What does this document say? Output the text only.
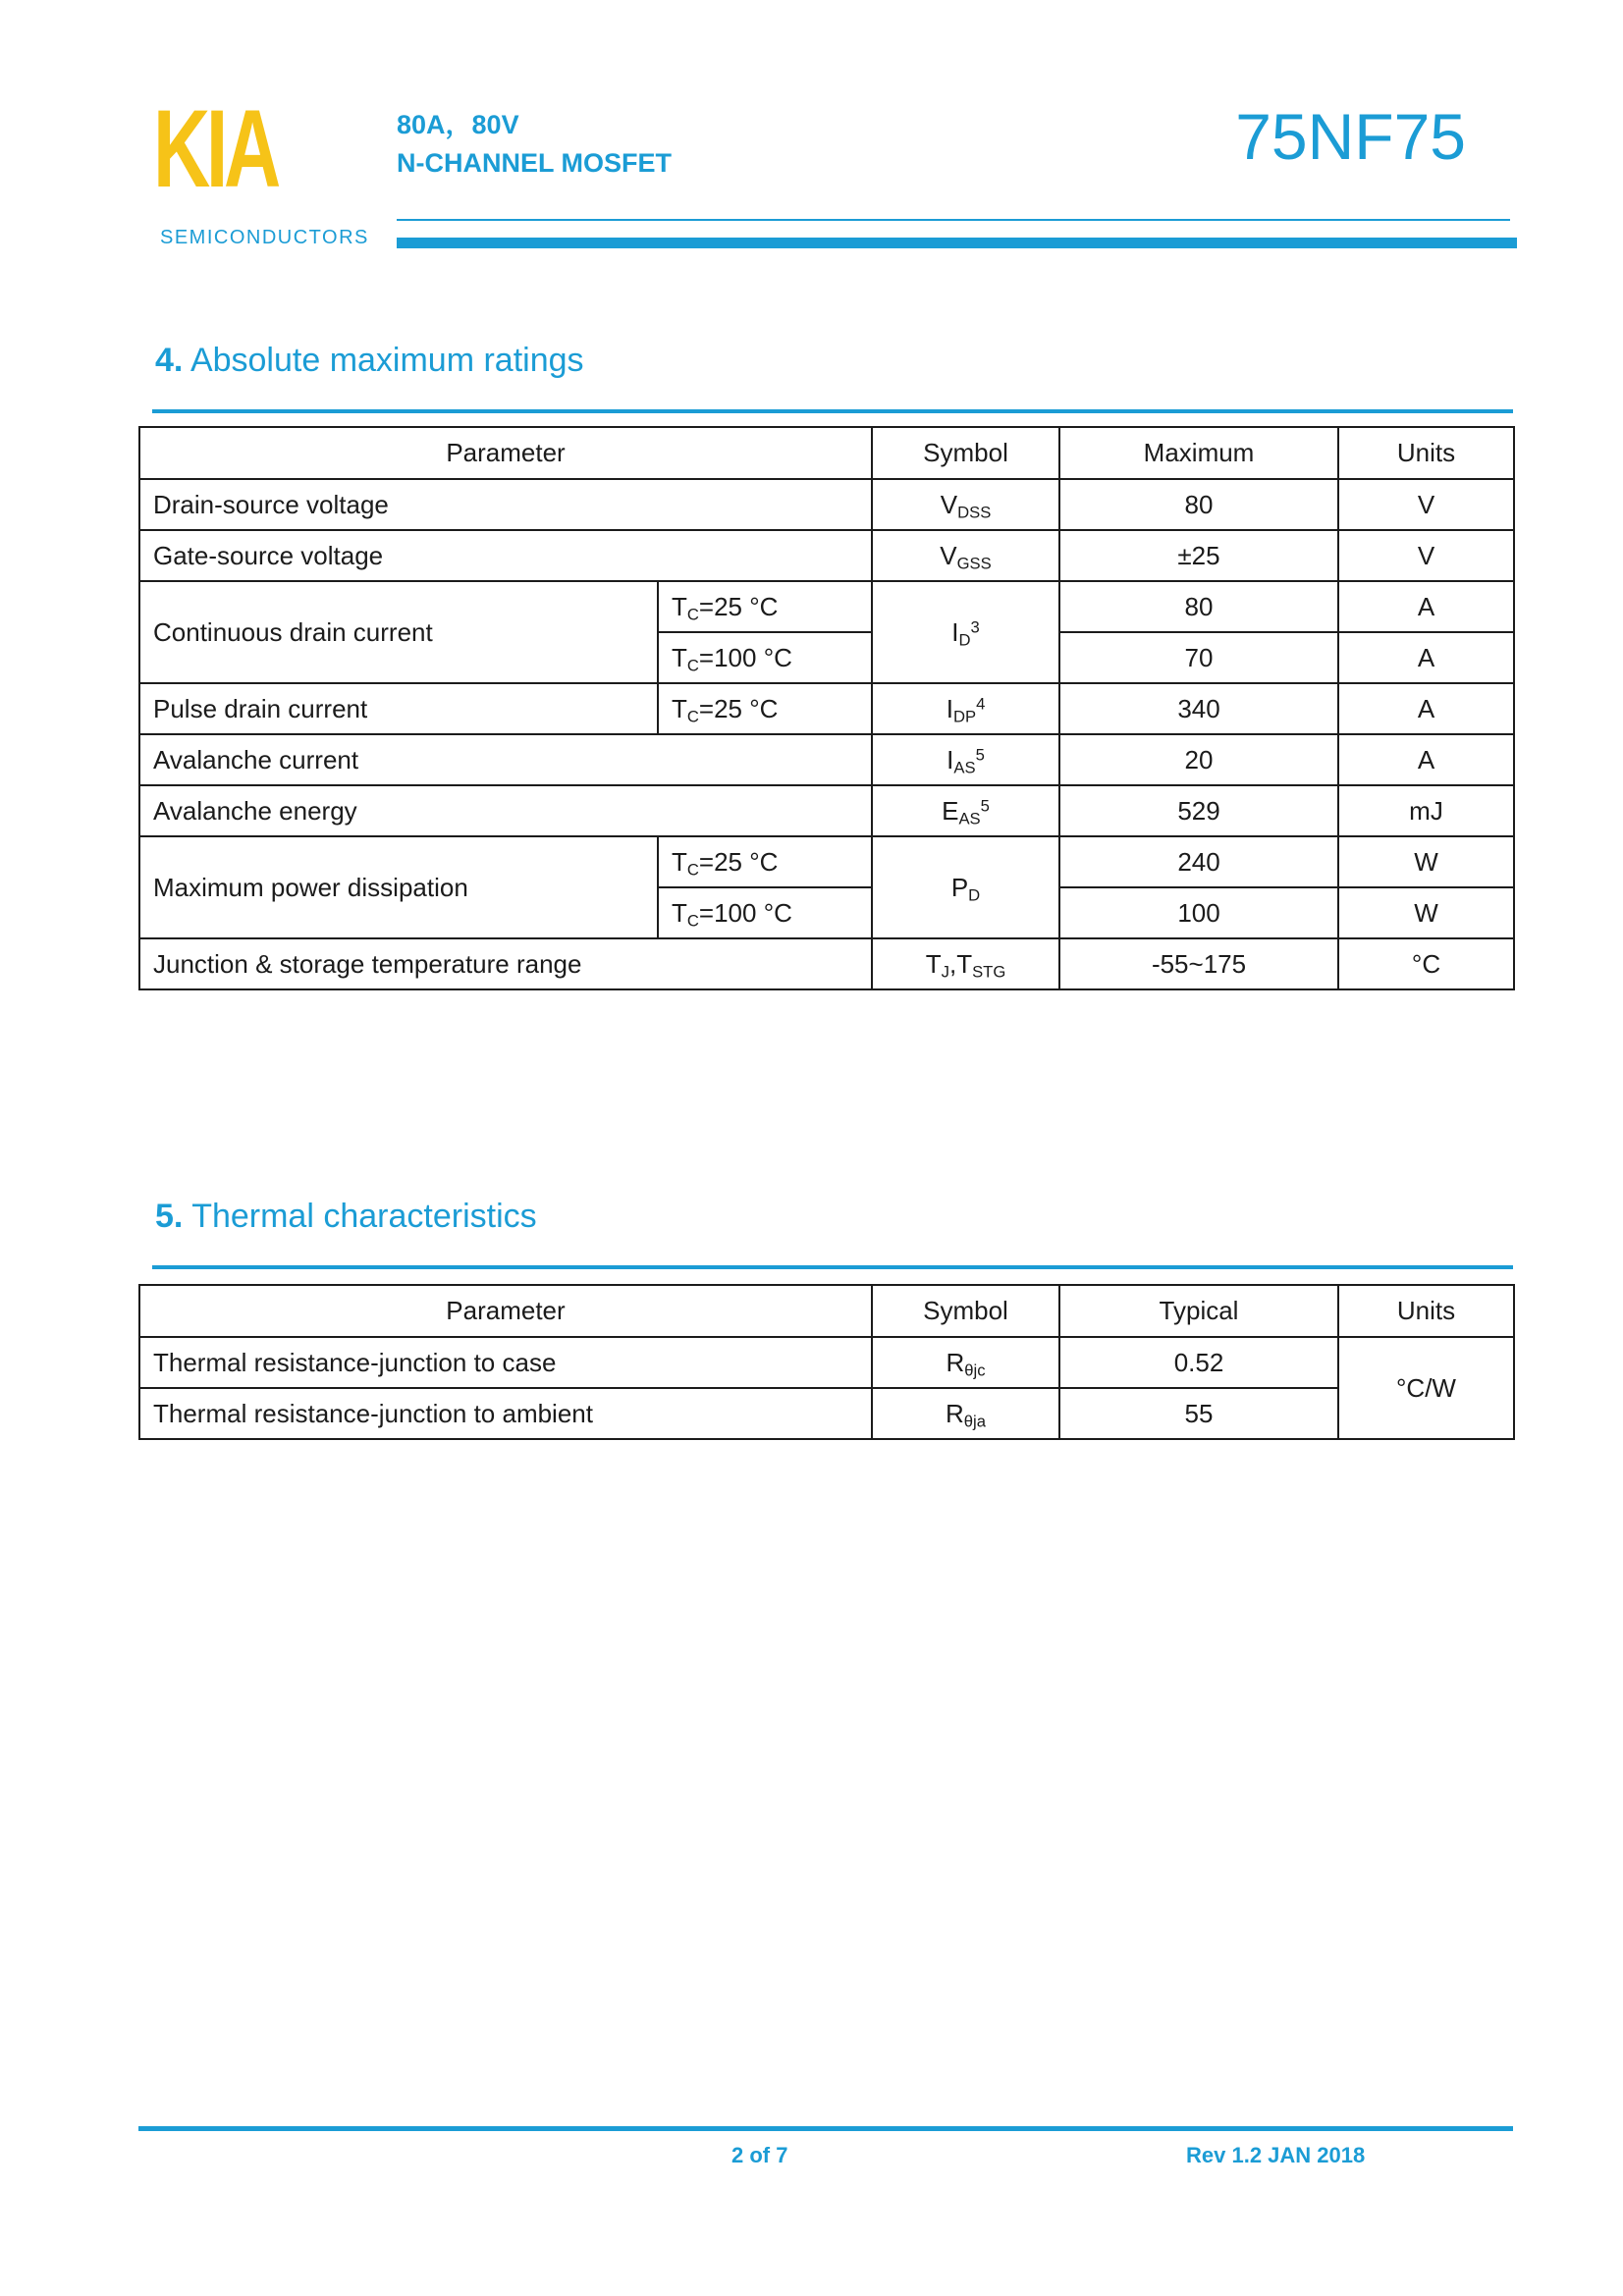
KIA
SEMICONDUCTORS
80A，80V
N-CHANNEL MOSFET	75NF75
4. Absolute maximum ratings
Parameter		Symbol	Maximum	Units
Drain-source voltage		$V_{DSS}$	80	V
Gate-source voltage		$V_{GSS}$	±25	V
Continuous drain current	$T_C=25$ °C	$I_D^3$	80	A
	$T_C=100$ °C		70	A
Pulse drain current	$T_C=25$ °C	$I_{DP}^4$	340	A
Avalanche current		$I_{AS}^5$	20	A
Avalanche energy		$E_{AS}^5$	529	mJ
Maximum power dissipation	$T_C=25$ °C	$P_D$	240	W
	$T_C=100$ °C		100	W
Junction & storage temperature range		$T_J,T_{STG}$	-55~175	°C
5. Thermal characteristics
Parameter	Symbol	Typical	Units
Thermal resistance-junction to case	$R_{\theta jc}$	0.52	°C/W
Thermal resistance-junction to ambient	$R_{\theta ja}$	55	
2 of 7	Rev 1.2 JAN 2018
